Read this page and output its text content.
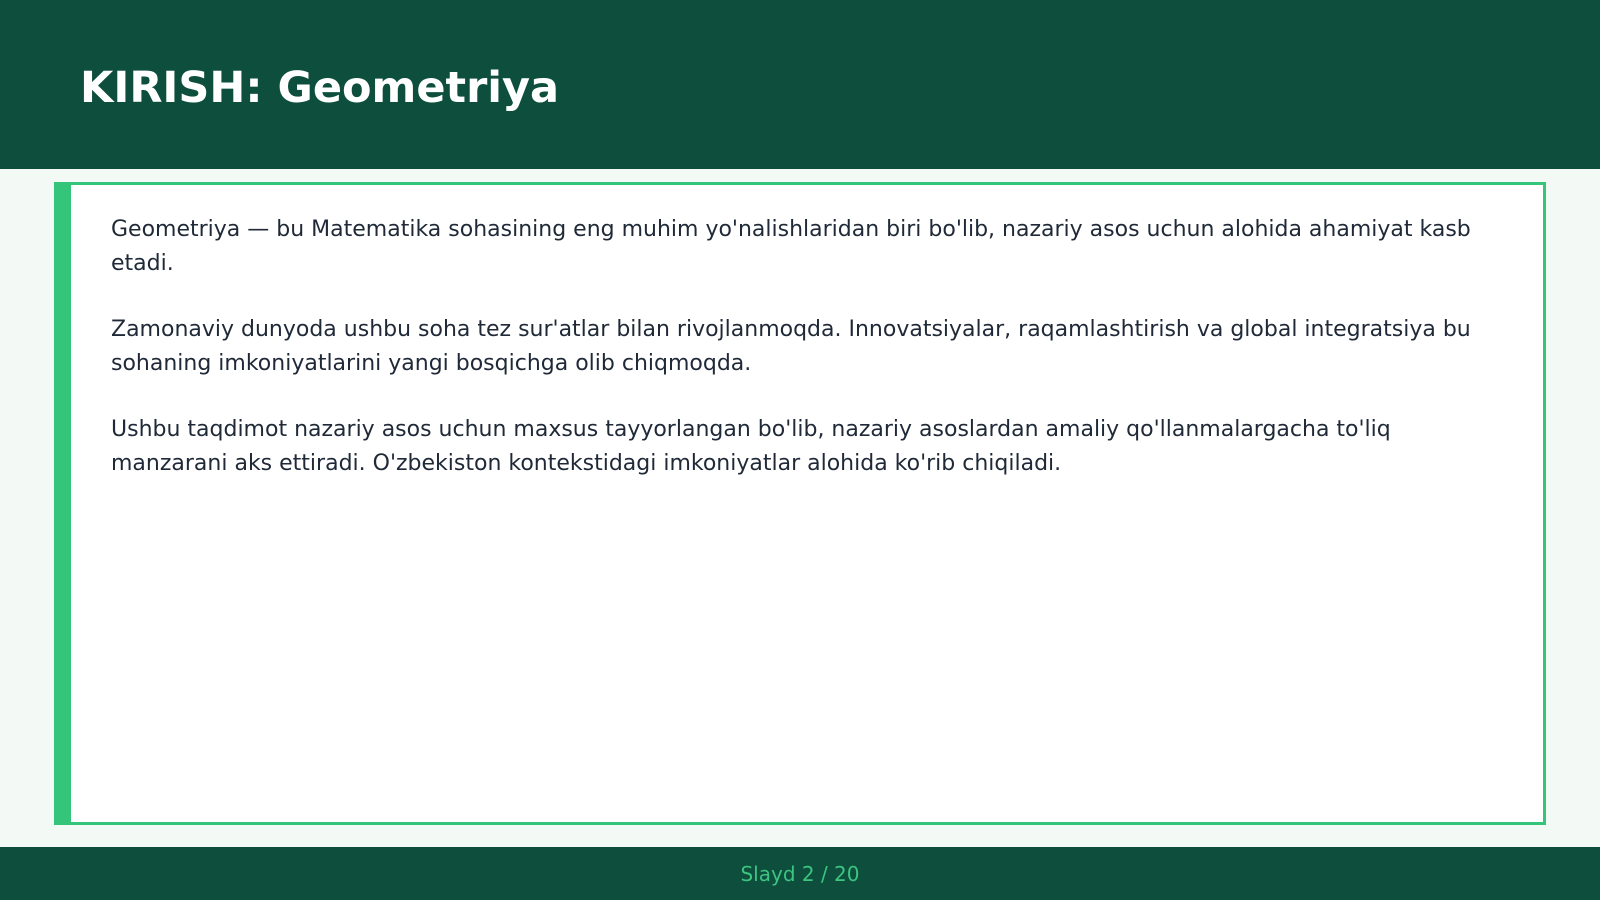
KIRISH: Geometriya

Geometriya — bu Matematika sohasining eng muhim yo'nalishlaridan biri bo'lib, nazariy asos uchun alohida ahamiyat kasb etadi.

Zamonaviy dunyoda ushbu soha tez sur'atlar bilan rivojlanmoqda. Innovatsiyalar, raqamlashtirish va global integratsiya bu sohaning imkoniyatlarini yangi bosqichga olib chiqmoqda.

Ushbu taqdimot nazariy asos uchun maxsus tayyorlangan bo'lib, nazariy asoslardan amaliy qo'llanmalargacha to'liq manzarani aks ettiradi. O'zbekiston kontekstidagi imkoniyatlar alohida ko'rib chiqiladi.

Slayd 2 / 20
